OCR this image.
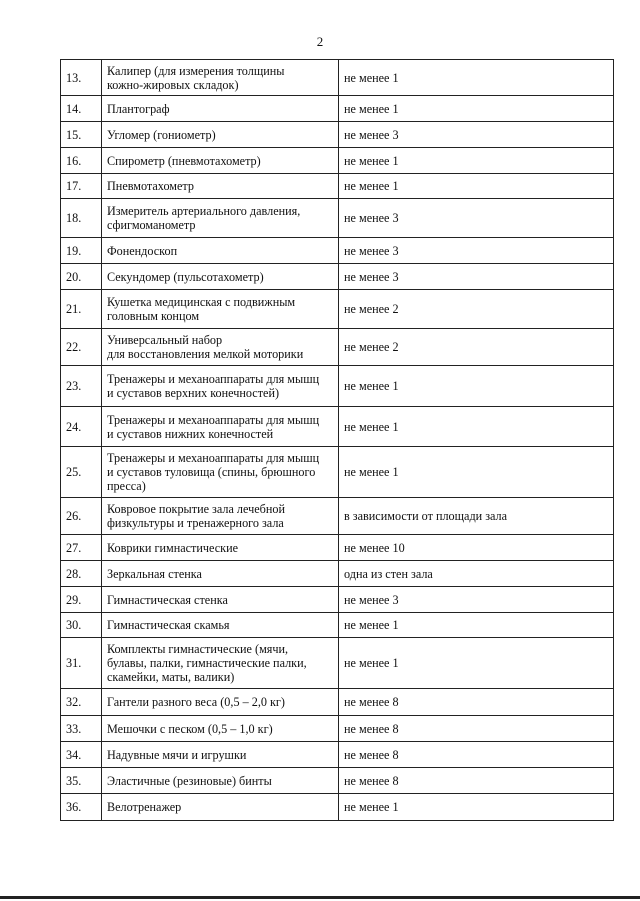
2
13.	Калипер (для измерения толщины
кожно-жировых складок)	не менее 1
14.	Плантограф	не менее 1
15.	Угломер (гониометр)	не менее 3
16.	Спирометр (пневмотахометр)	не менее 1
17.	Пневмотахометр	не менее 1
18.	Измеритель артериального давления,
сфигмоманометр	не менее 3
19.	Фонендоскоп	не менее 3
20.	Секундомер (пульсотахометр)	не менее 3
21.	Кушетка медицинская с подвижным
головным концом	не менее 2
22.	Универсальный набор
для восстановления мелкой моторики	не менее 2
23.	Тренажеры и механоаппараты для мышц
и суставов верхних конечностей)	не менее 1
24.	Тренажеры и механоаппараты для мышц
и суставов нижних конечностей	не менее 1
25.	Тренажеры и механоаппараты для мышц
и суставов туловища (спины, брюшного
пресса)	не менее 1
26.	Ковровое покрытие зала лечебной
физкультуры и тренажерного зала	в зависимости от площади зала
27.	Коврики гимнастические	не менее 10
28.	Зеркальная стенка	одна из стен зала
29.	Гимнастическая стенка	не менее 3
30.	Гимнастическая скамья	не менее 1
31.	Комплекты гимнастические (мячи,
булавы, палки, гимнастические палки,
скамейки, маты, валики)	не менее 1
32.	Гантели разного веса (0,5 – 2,0 кг)	не менее 8
33.	Мешочки с песком (0,5 – 1,0 кг)	не менее 8
34.	Надувные мячи и игрушки	не менее 8
35.	Эластичные (резиновые) бинты	не менее 8
36.	Велотренажер	не менее 1
